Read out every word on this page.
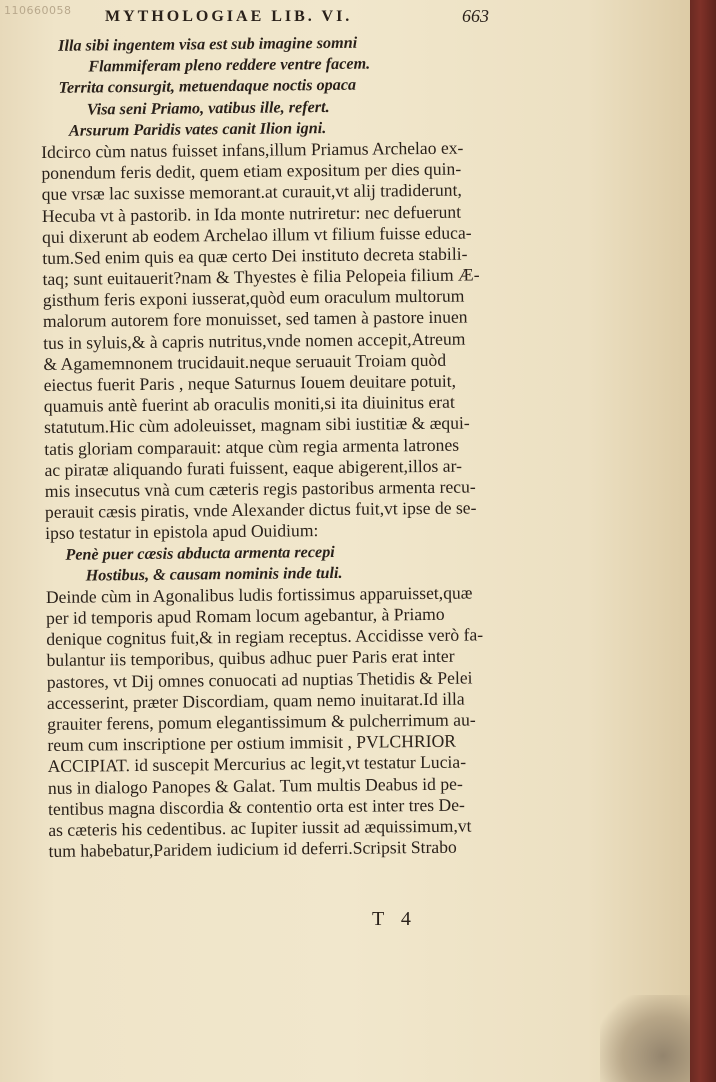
110660058 MYTHOLOGIAE LIB. VI.	663
Illa sibi ingentem visa est sub imagine somni
Flammiferam pleno reddere ventre facem.
Territa consurgit, metuendaque noctis opaca
Visa seni Priamo, vatibus ille, refert.
Arsurum Paridis vates canit Ilion igni.
Idcirco cùm natus fuisset infans,illum Priamus Archelao ex-
ponendum feris dedit, quem etiam expositum per dies quin-
que vrsæ lac suxisse memorant.at curauit,vt alij tradiderunt,
Hecuba vt à pastorib. in Ida monte nutriretur: nec defuerunt
qui dixerunt ab eodem Archelao illum vt filium fuisse educa-
tum.Sed enim quis ea quæ certo Dei instituto decreta stabili-
taq; sunt euitauerit?nam & Thyestes è filia Pelopeia filium Æ-
gisthum feris exponi iusserat,quòd eum oraculum multorum
malorum autorem fore monuisset, sed tamen à pastore inuen
tus in syluis,& à capris nutritus,vnde nomen accepit,Atreum
& Agamemnonem trucidauit.neque seruauit Troiam quòd
eiectus fuerit Paris , neque Saturnus Iouem deuitare potuit,
quamuis antè fuerint ab oraculis moniti,si ita diuinitus erat
statutum.Hic cùm adoleuisset, magnam sibi iustitiæ & æqui-
tatis gloriam comparauit: atque cùm regia armenta latrones
ac piratæ aliquando furati fuissent, eaque abigerent,illos ar-
mis insecutus vnà cum cæteris regis pastoribus armenta recu-
perauit cæsis piratis, vnde Alexander dictus fuit,vt ipse de se-
ipso testatur in epistola apud Ouidium:
Penè puer cæsis abducta armenta recepi
Hostibus, & causam nominis inde tuli.
Deinde cùm in Agonalibus ludis fortissimus apparuisset,quæ
per id temporis apud Romam locum agebantur, à Priamo
denique cognitus fuit,& in regiam receptus. Accidisse verò fa-
bulantur iis temporibus, quibus adhuc puer Paris erat inter
pastores, vt Dij omnes conuocati ad nuptias Thetidis & Pelei
accesserint, præter Discordiam, quam nemo inuitarat.Id illa
grauiter ferens, pomum elegantissimum & pulcherrimum au-
reum cum inscriptione per ostium immisit , PVLCHRIOR
ACCIPIAT. id suscepit Mercurius ac legit,vt testatur Lucia-
nus in dialogo Panopes & Galat. Tum multis Deabus id pe-
tentibus magna discordia & contentio orta est inter tres De-
as cæteris his cedentibus. ac Iupiter iussit ad æquissimum,vt
tum habebatur,Paridem iudicium id deferri.Scripsit Strabo
T 4
